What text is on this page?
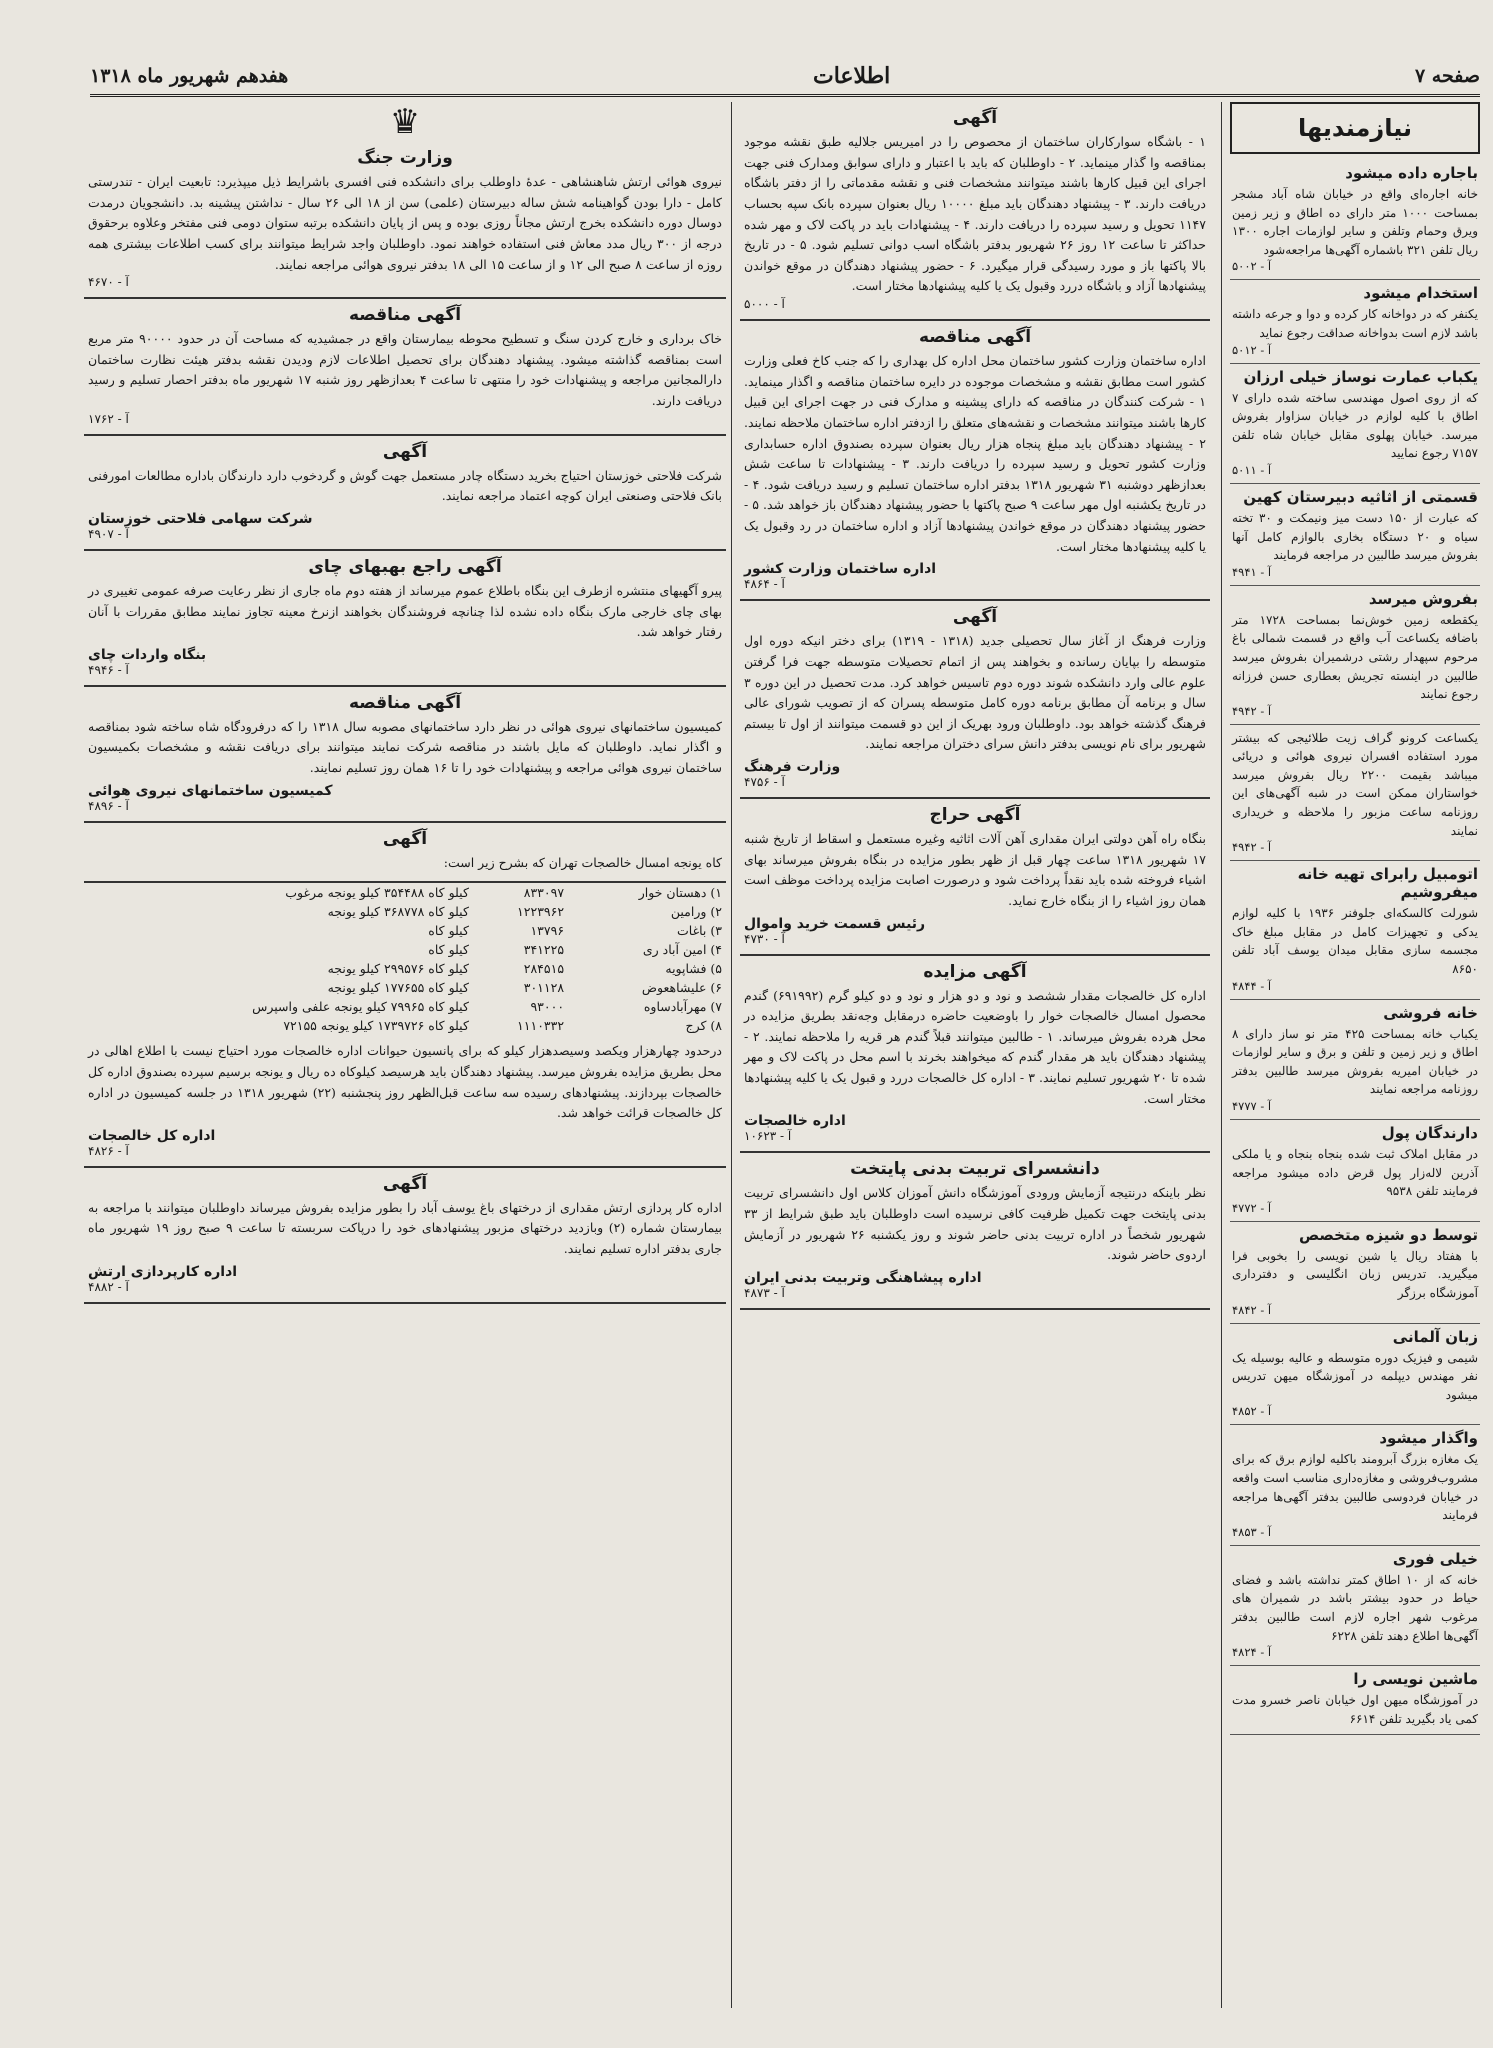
صفحه ۷
اطلاعات
هفدهم شهریور ماه ۱۳۱۸
نیازمندیها
باجاره داده میشود

خانه اجاره‌ای واقع در خیابان شاه آباد مشجر بمساحت ۱۰۰۰ متر دارای ده اطاق و زیر زمین ویرق وحمام وتلفن و سایر لوازمات اجاره ۱۳۰۰ ریال تلفن ۳۲۱ باشماره آگهی‌ها مراجعه‌شود

آ - ۵۰۰۲
استخدام میشود

یکنفر که در دواخانه کار کرده و دوا و جرعه داشته باشد لازم است بدواخانه صداقت رجوع نماید

آ - ۵۰۱۲
یکباب عمارت نوساز خیلی ارزان

که از روی اصول مهندسی ساخته شده دارای ۷ اطاق با کلیه لوازم در خیابان سزاوار بفروش میرسد. خیابان پهلوی مقابل خیابان شاه تلفن ۷۱۵۷ رجوع نمایید

آ - ۵۰۱۱
قسمتی از اثاثیه دبیرستان کهین

که عبارت از ۱۵۰ دست میز ونیمکت و ۳۰ تخته سیاه و ۲۰ دستگاه بخاری بالوازم کامل آنها بفروش میرسد طالبین در مراجعه فرمایند

آ - ۴۹۴۱
بفروش میرسد

یکقطعه زمین خوش‌نما بمساحت ۱۷۲۸ متر باضافه یکساعت آب واقع در قسمت شمالی باغ مرحوم سپهدار رشتی درشمیران بفروش میرسد طالبین در اینسته تجریش بعطاری حسن فرزانه رجوع نمایند

آ - ۴۹۴۲

یکساعت کرونو گراف زیت طلائیجی که بیشتر مورد استفاده افسران نیروی هوائی و دریائی میباشد بقیمت ۲۲۰۰ ریال بفروش میرسد خواستاران ممکن است در شبه آگهی‌های این روزنامه ساعت مزبور را ملاحظه و خریداری نمایند

آ - ۴۹۴۲
اتومبیل رابرای تهیه خانه میفروشیم

شورلت کالسکه‌ای جلوفنر ۱۹۳۶ با کلیه لوازم یدکی و تجهیزات کامل در مقابل مبلغ خاک مجسمه سازی مقابل میدان یوسف آباد تلفن ۸۶۵۰

آ - ۴۸۴۴
خانه فروشی

یکباب خانه بمساحت ۴۲۵ متر نو ساز دارای ۸ اطاق و زیر زمین و تلفن و برق و سایر لوازمات در خیابان امیریه بفروش میرسد طالبین بدفتر روزنامه مراجعه نمایند

آ - ۴۷۷۷
دارندگان پول

در مقابل املاک ثبت شده بنجاه بنجاه و یا ملکی آذرین لاله‌زار پول قرض داده میشود مراجعه فرمایند تلفن ۹۵۳۸

آ - ۴۷۷۲
توسط دو شیزه متخصص

با هفتاد ریال یا شین نویسی را بخوبی فرا میگیرید. تدریس زبان انگلیسی و دفترداری آموزشگاه برزگر

آ - ۴۸۴۲
زبان آلمانی

شیمی و فیزیک دوره متوسطه و عالیه بوسیله یک نفر مهندس دیپلمه در آموزشگاه میهن تدریس میشود

آ - ۴۸۵۲
واگذار میشود

یک مغازه بزرگ آبرومند باکلیه لوازم برق که برای مشروب‌فروشی و مغازه‌داری مناسب است واقعه در خیابان فردوسی طالبین بدفتر آگهی‌ها مراجعه فرمایند

آ - ۴۸۵۳
خیلی فوری

خانه که از ۱۰ اطاق کمتر نداشته باشد و فضای حیاط در حدود بیشتر باشد در شمیران های مرغوب شهر اجاره لازم است طالبین بدفتر آگهی‌ها اطلاع دهند تلفن ۶۲۲۸

آ - ۴۸۲۴
ماشین نویسی را

در آموزشگاه میهن اول خیابان ناصر خسرو مدت کمی یاد بگیرید تلفن ۶۶۱۴

آگهی

۱ - باشگاه سوارکاران ساختمان از محصوص را در امیریس جلالیه طبق نقشه موجود بمناقصه وا گذار مینماید. ۲ - داوطلبان که باید با اعتبار و دارای سوابق ومدارک فنی جهت اجرای این قبیل کارها باشند میتوانند مشخصات فنی و نقشه مقدماتی را از دفتر باشگاه دریافت دارند. ۳ - پیشنهاد دهندگان باید مبلغ ۱۰۰۰۰ ریال بعنوان سپرده بانک سپه بحساب ۱۱۴۷ تحویل و رسید سپرده را دریافت دارند. ۴ - پیشنهادات باید در پاکت لاک و مهر شده حداکثر تا ساعت ۱۲ روز ۲۶ شهریور بدفتر باشگاه اسب دوانی تسلیم شود. ۵ - در تاریخ بالا پاکتها باز و مورد رسیدگی قرار میگیرد. ۶ - حضور پیشنهاد دهندگان در موقع خواندن پیشنهادها آزاد و باشگاه دررد وقبول یک یا کلیه پیشنهادها مختار است.

آ - ۵۰۰۰
آگهی مناقصه

اداره ساختمان وزارت کشور ساختمان محل اداره کل بهداری را که جنب کاخ فعلی وزارت کشور است مطابق نقشه و مشخصات موجوده در دایره ساختمان مناقصه و اگذار مینماید. ۱ - شرکت کنندگان در مناقصه که دارای پیشینه و مدارک فنی در جهت اجرای این قبیل کارها باشند میتوانند مشخصات و نقشه‌های متعلق را ازدفتر اداره ساختمان ملاحظه نمایند. ۲ - پیشنهاد دهندگان باید مبلغ پنجاه هزار ریال بعنوان سپرده بصندوق اداره حسابداری وزارت کشور تحویل و رسید سپرده را دریافت دارند. ۳ - پیشنهادات تا ساعت شش بعدازظهر دوشنبه ۳۱ شهریور ۱۳۱۸ بدفتر اداره ساختمان تسلیم و رسید دریافت شود. ۴ - در تاریخ یکشنبه اول مهر ساعت ۹ صبح پاکتها با حضور پیشنهاد دهندگان باز خواهد شد. ۵ - حضور پیشنهاد دهندگان در موقع خواندن پیشنهادها آزاد و اداره ساختمان در رد وقبول یک یا کلیه پیشنهادها مختار است.

اداره ساختمان وزارت کشور
آ - ۴۸۶۴
آگهی

وزارت فرهنگ از آغاز سال تحصیلی جدید (۱۳۱۸ - ۱۳۱۹) برای دختر انیکه دوره اول متوسطه را بپایان رسانده و بخواهند پس از اتمام تحصیلات متوسطه جهت فرا گرفتن علوم عالی وارد دانشکده شوند دوره دوم تاسیس خواهد کرد. مدت تحصیل در این دوره ۳ سال و برنامه آن مطابق برنامه دوره کامل متوسطه پسران که از تصویب شورای عالی فرهنگ گذشته خواهد بود. داوطلبان ورود بهریک از این دو قسمت میتوانند از اول تا بیستم شهریور برای نام نویسی بدفتر دانش سرای دختران مراجعه نمایند.

وزارت فرهنگ
آ - ۴۷۵۶
آگهی حراج

بنگاه راه آهن دولتی ایران مقداری آهن آلات اثاثیه وغیره مستعمل و اسقاط از تاریخ شنبه ۱۷ شهریور ۱۳۱۸ ساعت چهار قبل از ظهر بطور مزایده در بنگاه بفروش میرساند بهای اشیاء فروخته شده باید نقداً پرداخت شود و درصورت اصابت مزایده پرداخت موظف است همان روز اشیاء را از بنگاه خارج نماید.

رئیس قسمت خرید واموال
آ - ۴۷۳۰
آگهی مزایده

اداره کل خالصجات مقدار ششصد و نود و دو هزار و نود و دو کیلو گرم (۶۹۱۹۹۲) گندم محصول امسال خالصجات خوار را باوضعیت حاضره درمقابل وجه‌نقد بطریق مزایده در محل هرده بفروش میرساند. ۱ - طالبین میتوانند قبلاً گندم هر قریه را ملاحظه نمایند. ۲ - پیشنهاد دهندگان باید هر مقدار گندم که میخواهند بخرند با اسم محل در پاکت لاک و مهر شده تا ۲۰ شهریور تسلیم نمایند. ۳ - اداره کل خالصجات دررد و قبول یک یا کلیه پیشنهادها مختار است.

اداره خالصجات
آ - ۱۰۶۲۳
دانشسرای تربیت بدنی پایتخت

نظر باینکه درنتیجه آزمایش ورودی آموزشگاه دانش آموزان کلاس اول دانشسرای تربیت بدنی پایتخت جهت تکمیل ظرفیت کافی نرسیده است داوطلبان باید طبق شرایط از ۳۳ شهریور شخصاً در اداره تربیت بدنی حاضر شوند و روز یکشنبه ۲۶ شهریور در آزمایش اردوی حاضر شوند.

اداره پیشاهنگی وتربیت بدنی ایران
آ - ۴۸۷۳
♛
وزارت جنگ

نیروی هوائی ارتش شاهنشاهی - عدۀ داوطلب برای دانشکده فنی افسری باشرایط ذیل میپذیرد: تابعیت ایران - تندرستی کامل - دارا بودن گواهینامه شش ساله دبیرستان (علمی) سن از ۱۸ الی ۲۶ سال - نداشتن پیشینه بد. دانشجویان درمدت دوسال دوره دانشکده بخرج ارتش مجاناً روزی بوده و پس از پایان دانشکده برتبه ستوان دومی فنی مفتخر وعلاوه برحقوق درجه از ۳۰۰ ریال مدد معاش فنی استفاده خواهند نمود. داوطلبان واجد شرایط میتوانند برای کسب اطلاعات بیشتری همه روزه از ساعت ۸ صبح الی ۱۲ و از ساعت ۱۵ الی ۱۸ بدفتر نیروی هوائی مراجعه نمایند.

آ - ۴۶۷۰
آگهی مناقصه

خاک برداری و خارج کردن سنگ و تسطیح محوطه بیمارستان واقع در جمشیدیه که مساحت آن در حدود ۹۰۰۰۰ متر مربع است بمناقصه گذاشته میشود. پیشنهاد دهندگان برای تحصیل اطلاعات لازم ودیدن نقشه بدفتر هیئت نظارت ساختمان دارالمجانین مراجعه و پیشنهادات خود را منتهی تا ساعت ۴ بعدازظهر روز شنبه ۱۷ شهریور ماه بدفتر احصار تسلیم و رسید دریافت دارند.

آ - ۱۷۶۲
آگهی

شرکت فلاحتی خوزستان احتیاج بخرید دستگاه چادر مستعمل جهت گوش و گردخوب دارد دارندگان باداره مطالعات امورفنی بانک فلاحتی وصنعتی ایران کوچه اعتماد مراجعه نمایند.

شرکت سهامی فلاحتی خوزستان
آ - ۴۹۰۷
آگهی راجع بهبهای چای

پیرو آگهیهای منتشره ازطرف این بنگاه باطلاع عموم میرساند از هفته دوم ماه جاری از نظر رعایت صرفه عمومی تغییری در بهای چای خارجی مارک بنگاه داده نشده لذا چنانچه فروشندگان بخواهند ازنرخ معینه تجاوز نمایند مطابق مقررات با آنان رفتار خواهد شد.

بنگاه واردات چای
آ - ۴۹۴۶
آگهی مناقصه

کمیسیون ساختمانهای نیروی هوائی در نظر دارد ساختمانهای مصوبه سال ۱۳۱۸ را که درفرودگاه شاه ساخته شود بمناقصه و اگذار نماید. داوطلبان که مایل باشند در مناقصه شرکت نمایند میتوانند برای دریافت نقشه و مشخصات بکمیسیون ساختمان نیروی هوائی مراجعه و پیشنهادات خود را تا ۱۶ همان روز تسلیم نمایند.

کمیسیون ساختمانهای نیروی هوائی
آ - ۴۸۹۶
آگهی

کاه یونجه امسال خالصجات تهران که بشرح زیر است:

۱) دهستان خوار	۸۳۳۰۹۷	کیلو کاه ۳۵۴۴۸۸ کیلو یونجه مرغوب
۲) ورامین	۱۲۲۳۹۶۲	کیلو کاه ۳۶۸۷۷۸ کیلو یونجه
۳) باغات	۱۳۷۹۶	کیلو کاه
۴) امین آباد ری	۳۴۱۲۲۵	کیلو کاه
۵) فشاپویه	۲۸۴۵۱۵	کیلو کاه ۲۹۹۵۷۶ کیلو یونجه
۶) علیشاهعوض	۳۰۱۱۲۸	کیلو کاه ۱۷۷۶۵۵ کیلو یونجه
۷) مهرآبادساوه	۹۳۰۰۰	کیلو کاه ۷۹۹۶۵ کیلو یونجه علفی واسپرس
۸) کرج	۱۱۱۰۳۳۲	کیلو کاه ۱۷۳۹۷۲۶ کیلو یونجه ۷۲۱۵۵

درحدود چهارهزار ویکصد وسیصدهزار کیلو که برای پانسیون حیوانات اداره خالصجات مورد احتیاج نیست با اطلاع اهالی در محل بطریق مزایده بفروش میرسد. پیشنهاد دهندگان باید هرسیصد کیلوکاه ده ریال و یونجه برسیم سپرده بصندوق اداره کل خالصجات بپردازند. پیشنهادهای رسیده سه ساعت قبل‌الظهر روز پنجشنبه (۲۲) شهریور ۱۳۱۸ در جلسه کمیسیون در اداره کل خالصجات قرائت خواهد شد.

اداره کل خالصجات
آ - ۴۸۲۶
آگهی

اداره کار پردازی ارتش مقداری از درختهای باغ یوسف آباد را بطور مزایده بفروش میرساند داوطلبان میتوانند با مراجعه به بیمارستان شماره (۲) وبازدید درختهای مزبور پیشنهادهای خود را درپاکت سربسته تا ساعت ۹ صبح روز ۱۹ شهریور ماه جاری بدفتر اداره تسلیم نمایند.

اداره کارپردازی ارتش
آ - ۴۸۸۲
